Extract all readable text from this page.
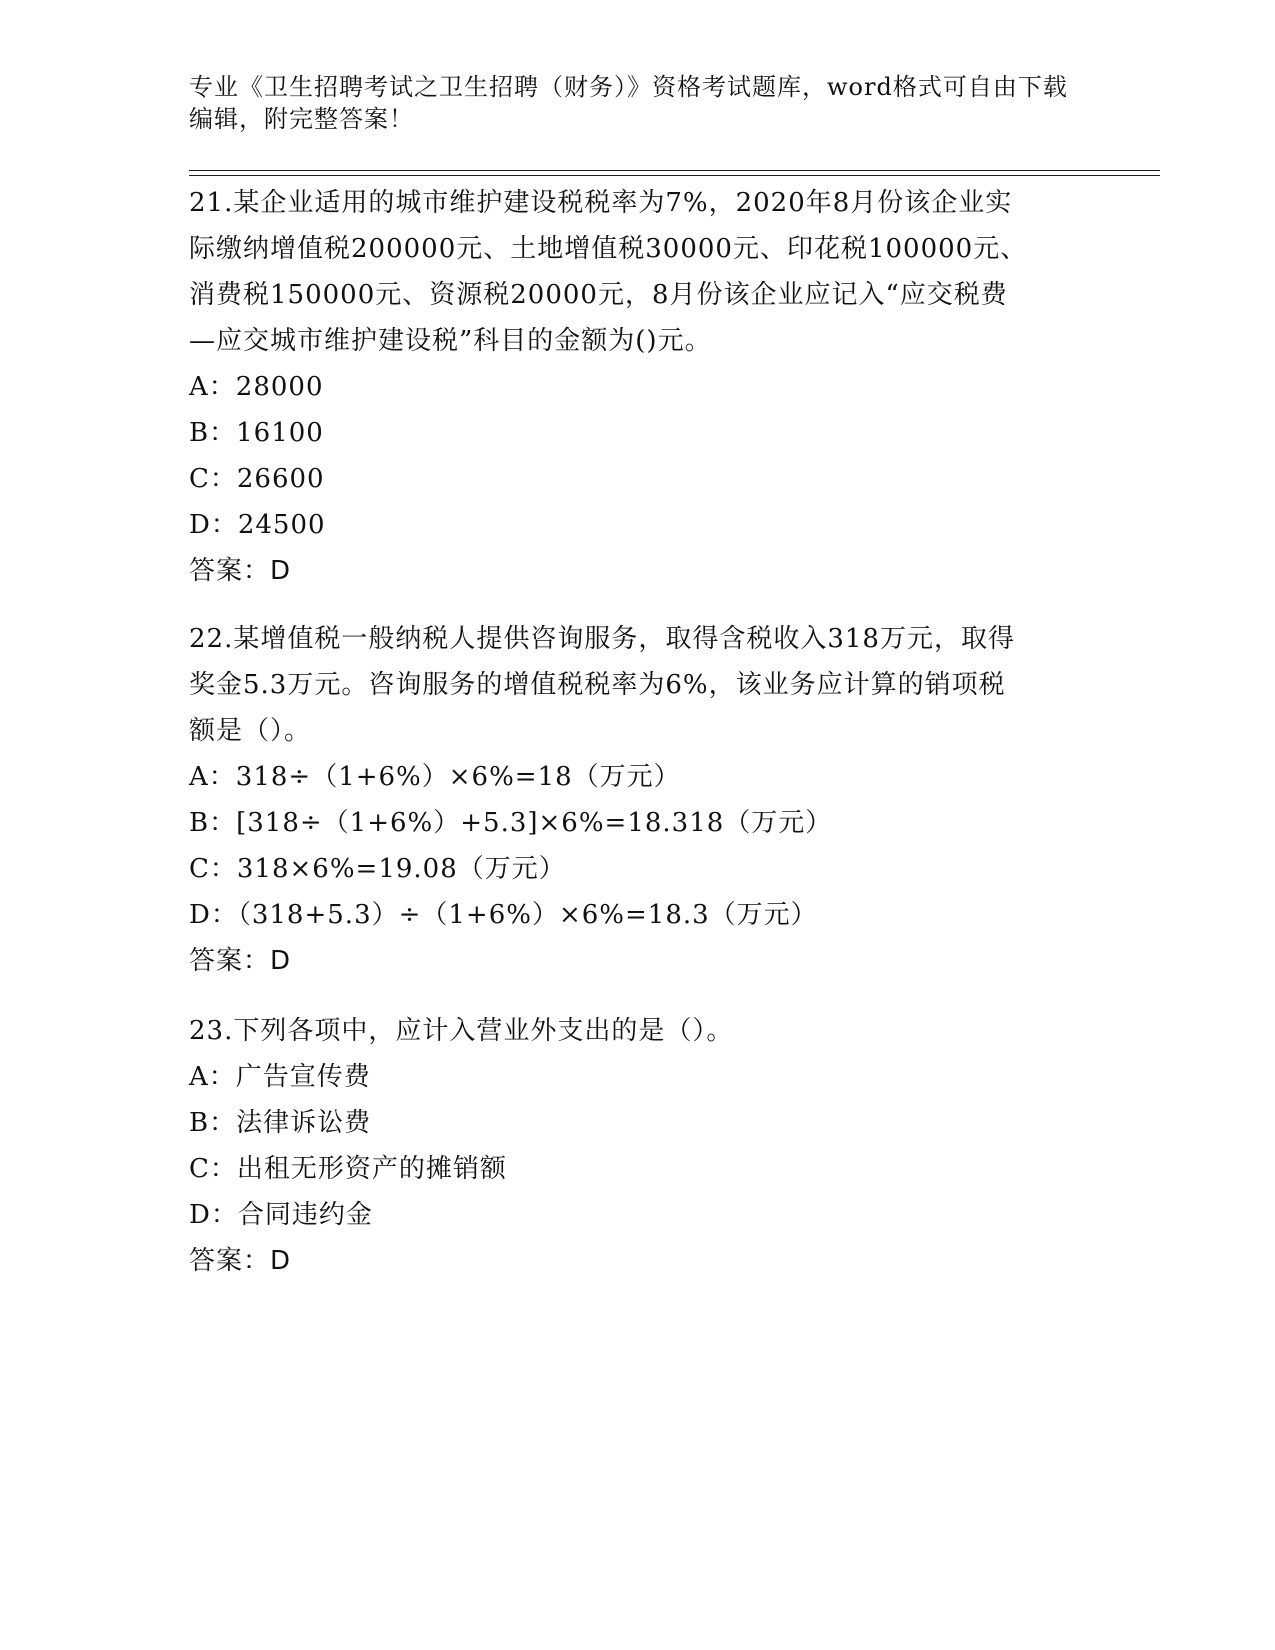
专业《卫生招聘考试之卫生招聘（财务）》资格考试题库，word格式可自由下载
编辑，附完整答案！
21.某企业适用的城市维护建设税税率为7%，2020年8月份该企业实
际缴纳增值税200000元、土地增值税30000元、印花税100000元、
消费税150000元、资源税20000元，8月份该企业应记入“应交税费
—应交城市维护建设税”科目的金额为()元。
A：28000
B：16100
C：26600
D：24500
答案：D
22.某增值税一般纳税人提供咨询服务，取得含税收入318万元，取得
奖金5.3万元。咨询服务的增值税税率为6%，该业务应计算的销项税
额是（）。
A：318÷（1+6%）×6%=18（万元）
B：[318÷（1+6%）+5.3]×6%=18.318（万元）
C：318×6%=19.08（万元）
D：（318+5.3）÷（1+6%）×6%=18.3（万元）
答案：D
23.下列各项中，应计入营业外支出的是（）。
A：广告宣传费
B：法律诉讼费
C：出租无形资产的摊销额
D：合同违约金
答案：D
